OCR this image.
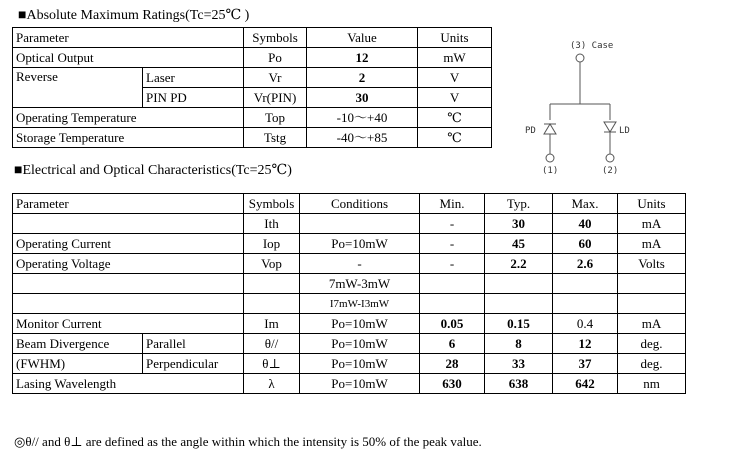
■Absolute Maximum Ratings(Tc=25℃ )
Parameter		Symbols	Value	Units
Optical Output		Po	12	mW
Reverse	Laser	Vr	2	V
	PIN PD	Vr(PIN)	30	V
Operating Temperature		Top	-10～+40	℃
Storage Temperature		Tstg	-40～+85	℃
(3) Case
PD	LD
(1)	(2)
■Electrical and Optical Characteristics(Tc=25℃)
Parameter		Symbols	Conditions	Min.	Typ.	Max.	Units
		Ith		-	30	40	mA
Operating Current		Iop	Po=10mW	-	45	60	mA
Operating Voltage		Vop	-	-	2.2	2.6	Volts
			7mW-3mW				
			I7mW-I3mW				
Monitor Current		Im	Po=10mW	0.05	0.15	0.4	mA
Beam Divergence	Parallel	θ//	Po=10mW	6	8	12	deg.
(FWHM)	Perpendicular	θ⊥	Po=10mW	28	33	37	deg.
Lasing Wavelength		λ	Po=10mW	630	638	642	nm
◎θ// and θ⊥ are defined as the angle within which the intensity is 50% of the peak value.
